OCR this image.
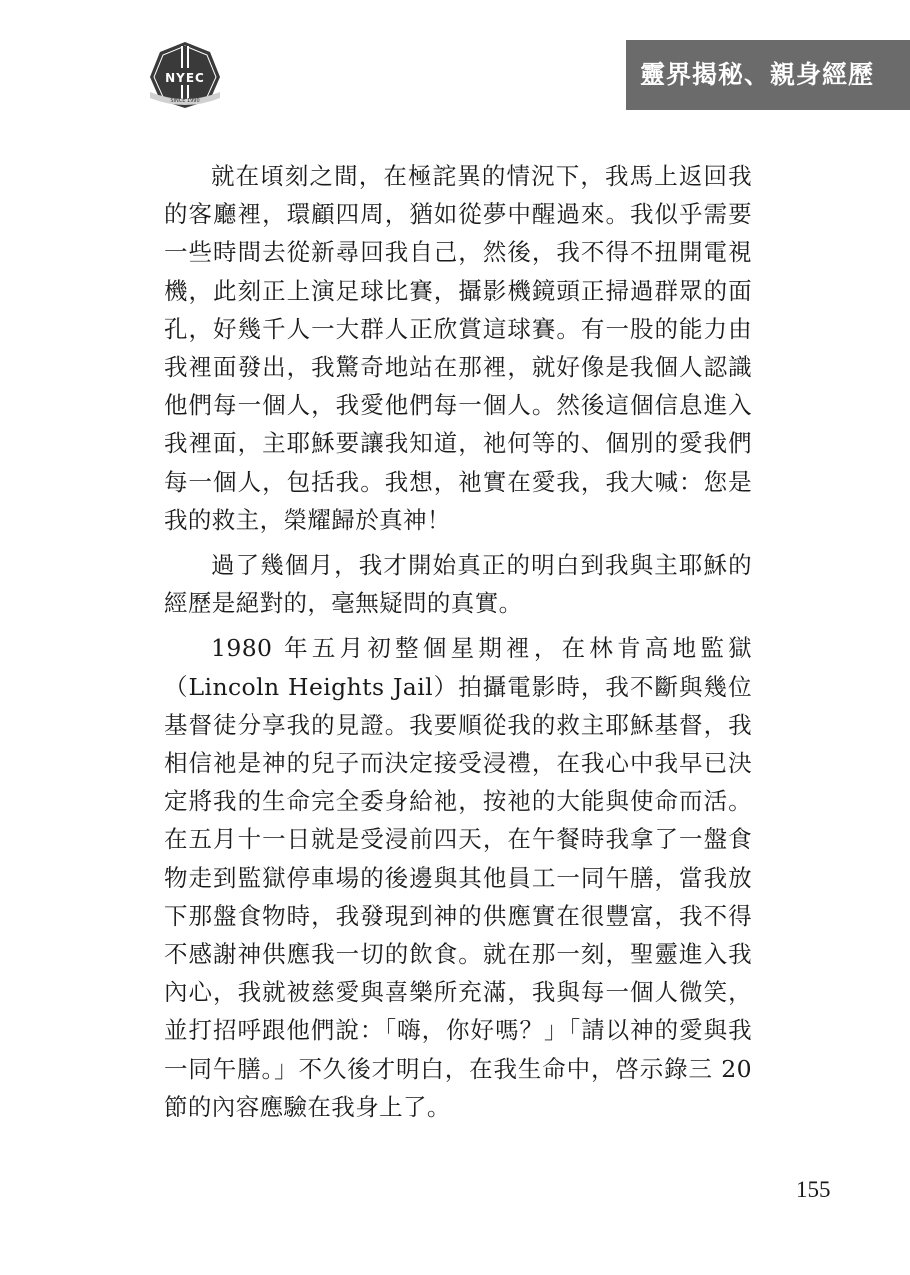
NYEC
SINCE 1990
靈界揭秘、親身經歷

就在頃刻之間，在極詫異的情況下，我馬上返回我的客廳裡，環顧四周，猶如從夢中醒過來。我似乎需要一些時間去從新尋回我自己，然後，我不得不扭開電視機，此刻正上演足球比賽，攝影機鏡頭正掃過群眾的面孔，好幾千人一大群人正欣賞這球賽。有一股的能力由我裡面發出，我驚奇地站在那裡，就好像是我個人認識他們每一個人，我愛他們每一個人。然後這個信息進入我裡面，主耶穌要讓我知道，祂何等的、個別的愛我們每一個人，包括我。我想，祂實在愛我，我大喊：您是我的救主，榮耀歸於真神！

過了幾個月，我才開始真正的明白到我與主耶穌的經歷是絕對的，毫無疑問的真實。

1980 年五月初整個星期裡，在林肯高地監獄（Lincoln Heights Jail）拍攝電影時，我不斷與幾位基督徒分享我的見證。我要順從我的救主耶穌基督，我相信祂是神的兒子而決定接受浸禮，在我心中我早已決定將我的生命完全委身給祂，按祂的大能與使命而活。在五月十一日就是受浸前四天，在午餐時我拿了一盤食物走到監獄停車場的後邊與其他員工一同午膳，當我放下那盤食物時，我發現到神的供應實在很豐富，我不得不感謝神供應我一切的飲食。就在那一刻，聖靈進入我內心，我就被慈愛與喜樂所充滿，我與每一個人微笑，並打招呼跟他們說：「嗨，你好嗎？」「請以神的愛與我一同午膳。」不久後才明白，在我生命中，啓示錄三 20 節的內容應驗在我身上了。

155
